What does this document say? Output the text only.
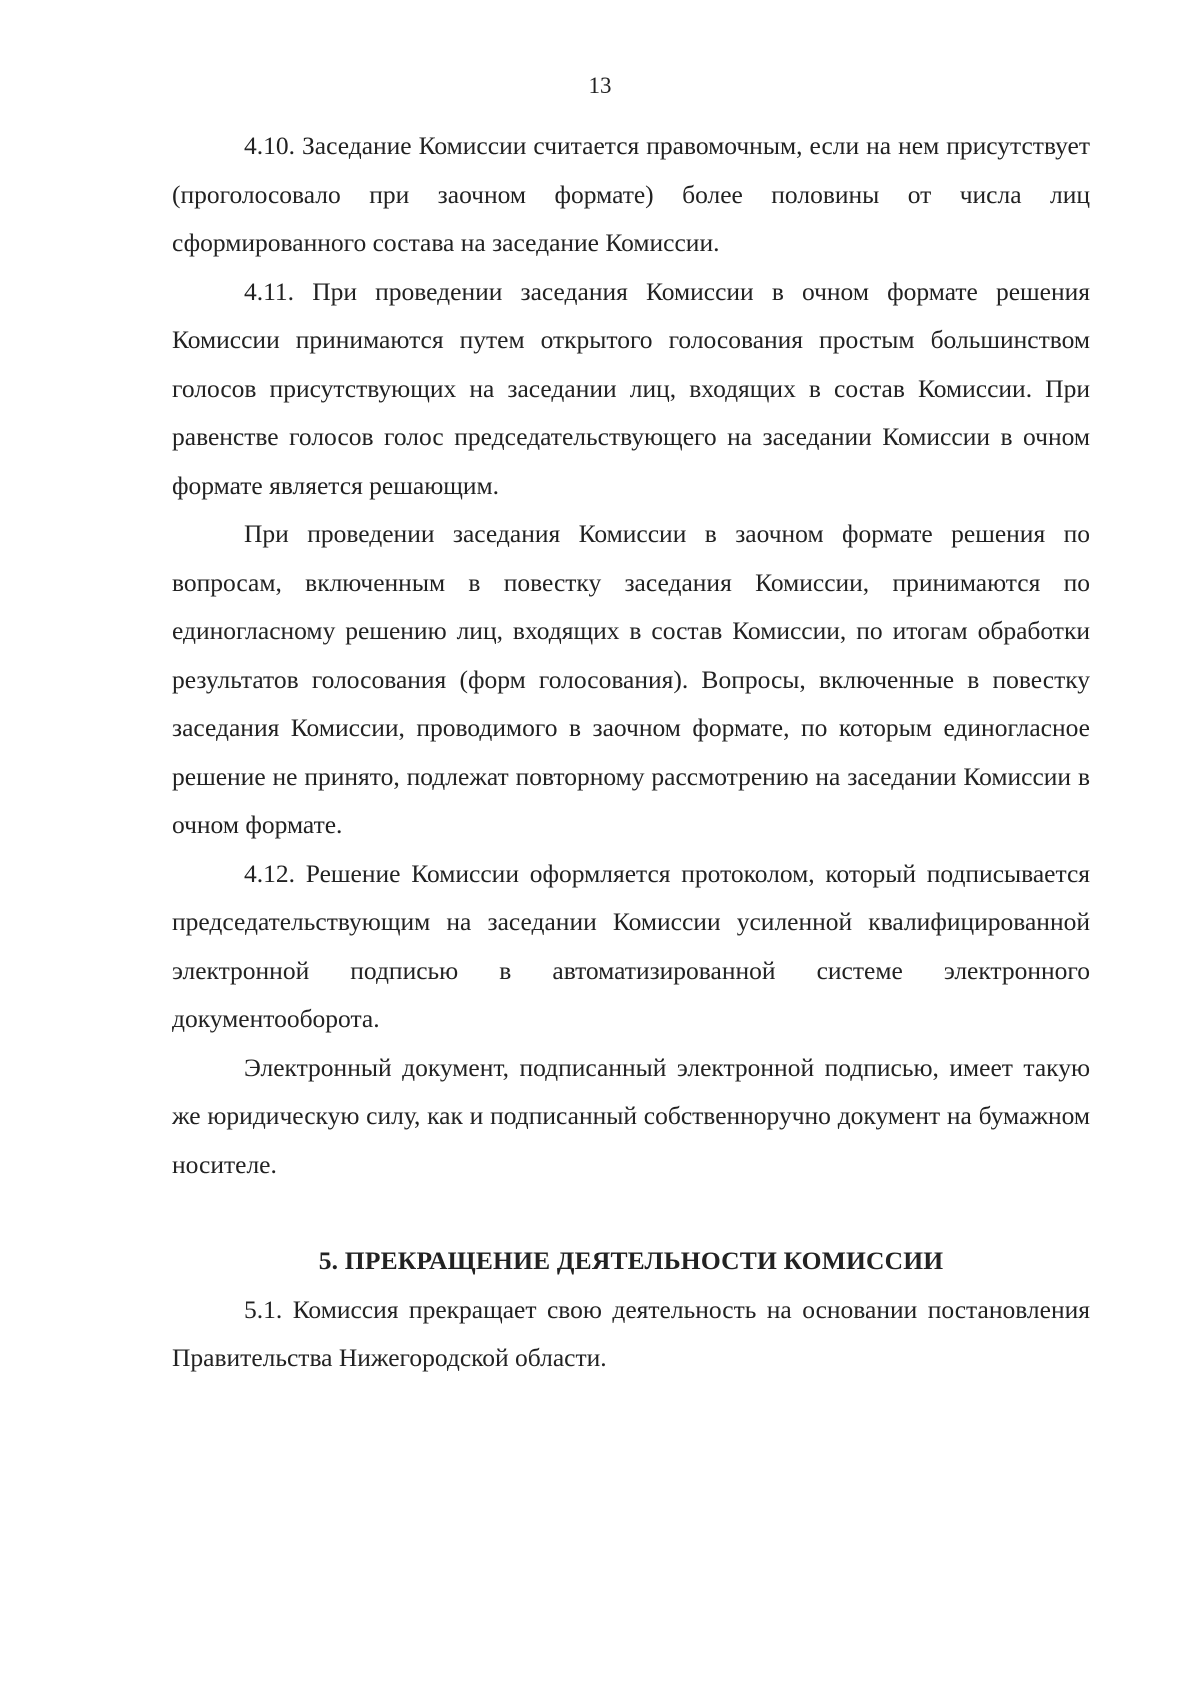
13

4.10. Заседание Комиссии считается правомочным, если на нем присутствует (проголосовало при заочном формате) более половины от числа лиц сформированного состава на заседание Комиссии.

4.11. При проведении заседания Комиссии в очном формате решения Комиссии принимаются путем открытого голосования простым большинством голосов присутствующих на заседании лиц, входящих в состав Комиссии. При равенстве голосов голос председательствующего на заседании Комиссии в очном формате является решающим.

При проведении заседания Комиссии в заочном формате решения по вопросам, включенным в повестку заседания Комиссии, принимаются по единогласному решению лиц, входящих в состав Комиссии, по итогам обработки результатов голосования (форм голосования). Вопросы, включенные в повестку заседания Комиссии, проводимого в заочном формате, по которым единогласное решение не принято, подлежат повторному рассмотрению на заседании Комиссии в очном формате.

4.12. Решение Комиссии оформляется протоколом, который подписывается председательствующим на заседании Комиссии усиленной квалифицированной электронной подписью в автоматизированной системе электронного документооборота.

Электронный документ, подписанный электронной подписью, имеет такую же юридическую силу, как и подписанный собственноручно документ на бумажном носителе.

5. ПРЕКРАЩЕНИЕ ДЕЯТЕЛЬНОСТИ КОМИССИИ

5.1. Комиссия прекращает свою деятельность на основании постановления Правительства Нижегородской области.
